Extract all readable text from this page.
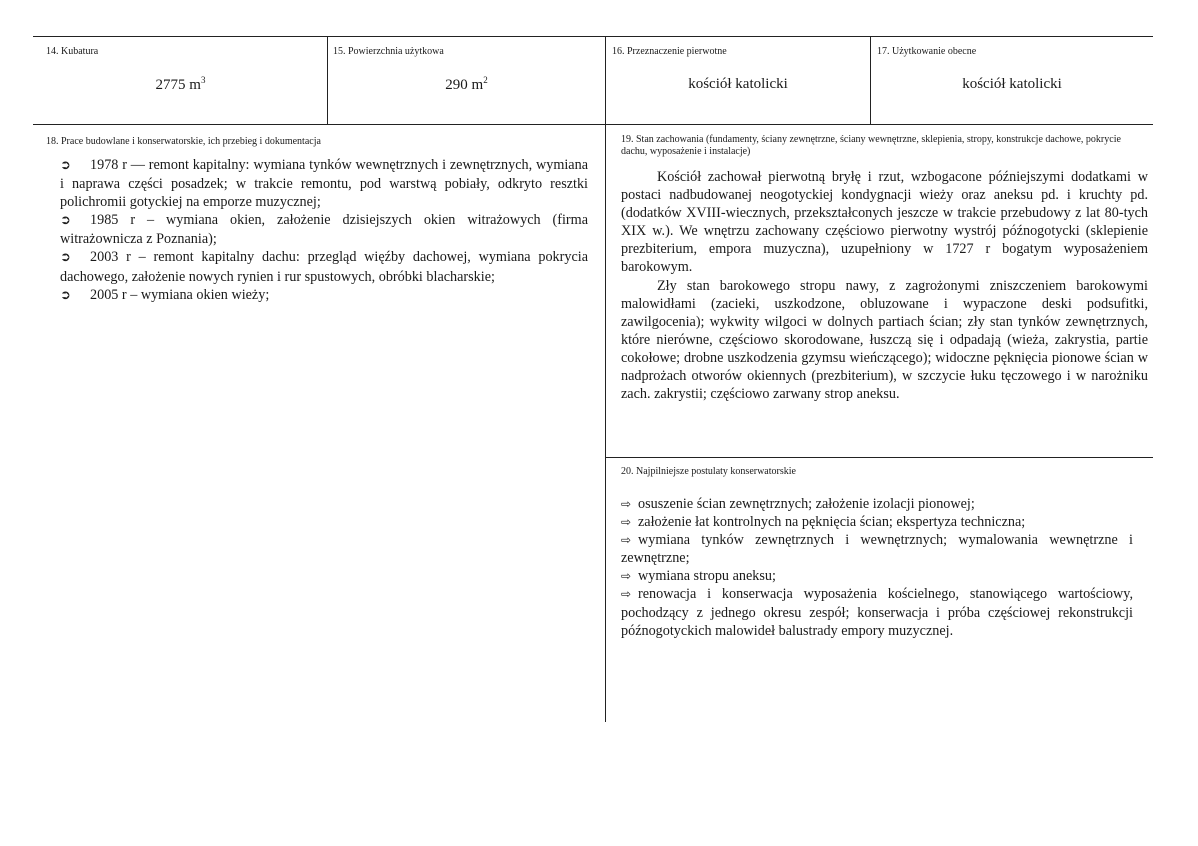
14. Kubatura
2775 $m^3$
15. Powierzchnia użytkowa
290 $m^2$
16. Przeznaczenie pierwotne
kościół katolicki
17. Użytkowanie obecne
kościół katolicki
18. Prace budowlane i konserwatorskie, ich przebieg i dokumentacja

➲ 1978 r — remont kapitalny: wymiana tynków wewnętrznych i zewnętrznych, wymiana i naprawa części posadzek; w trakcie remontu, pod warstwą pobiały, odkryto resztki polichromii gotyckiej na emporze muzycznej;

➲ 1985 r – wymiana okien, założenie dzisiejszych okien witrażowych (firma witrażownicza z Poznania);

➲ 2003 r – remont kapitalny dachu: przegląd więźby dachowej, wymiana pokrycia dachowego, założenie nowych rynien i rur spustowych, obróbki blacharskie;

➲ 2005 r – wymiana okien wieży;

19. Stan zachowania (fundamenty, ściany zewnętrzne, ściany wewnętrzne, sklepienia, stropy, konstrukcje dachowe, pokrycie dachu, wyposażenie i instalacje)

Kościół zachował pierwotną bryłę i rzut, wzbogacone późniejszymi dodatkami w postaci nadbudowanej neogotyckiej kondygnacji wieży oraz aneksu pd. i kruchty pd. (dodatków XVIII-wiecznych, przekształconych jeszcze w trakcie przebudowy z lat 80-tych XIX w.). We wnętrzu zachowany częściowo pierwotny wystrój późnogotycki (sklepienie prezbiterium, empora muzyczna), uzupełniony w 1727 r bogatym wyposażeniem barokowym.

Zły stan barokowego stropu nawy, z zagrożonymi zniszczeniem barokowymi malowidłami (zacieki, uszkodzone, obluzowane i wypaczone deski podsufitki, zawilgocenia); wykwity wilgoci w dolnych partiach ścian; zły stan tynków zewnętrznych, które nierówne, częściowo skorodowane, łuszczą się i odpadają (wieża, zakrystia, partie cokołowe; drobne uszkodzenia gzymsu wieńczącego); widoczne pęknięcia pionowe ścian w nadprożach otworów okiennych (prezbiterium), w szczycie łuku tęczowego i w narożniku zach. zakrystii; częściowo zarwany strop aneksu.

20. Najpilniejsze postulaty konserwatorskie

⇨ osuszenie ścian zewnętrznych; założenie izolacji pionowej;

⇨ założenie łat kontrolnych na pęknięcia ścian; ekspertyza techniczna;

⇨ wymiana tynków zewnętrznych i wewnętrznych; wymalowania wewnętrzne i zewnętrzne;

⇨ wymiana stropu aneksu;

⇨ renowacja i konserwacja wyposażenia kościelnego, stanowiącego wartościowy, pochodzący z jednego okresu zespół; konserwacja i próba częściowej rekonstrukcji późnogotyckich malowideł balustrady empory muzycznej.
